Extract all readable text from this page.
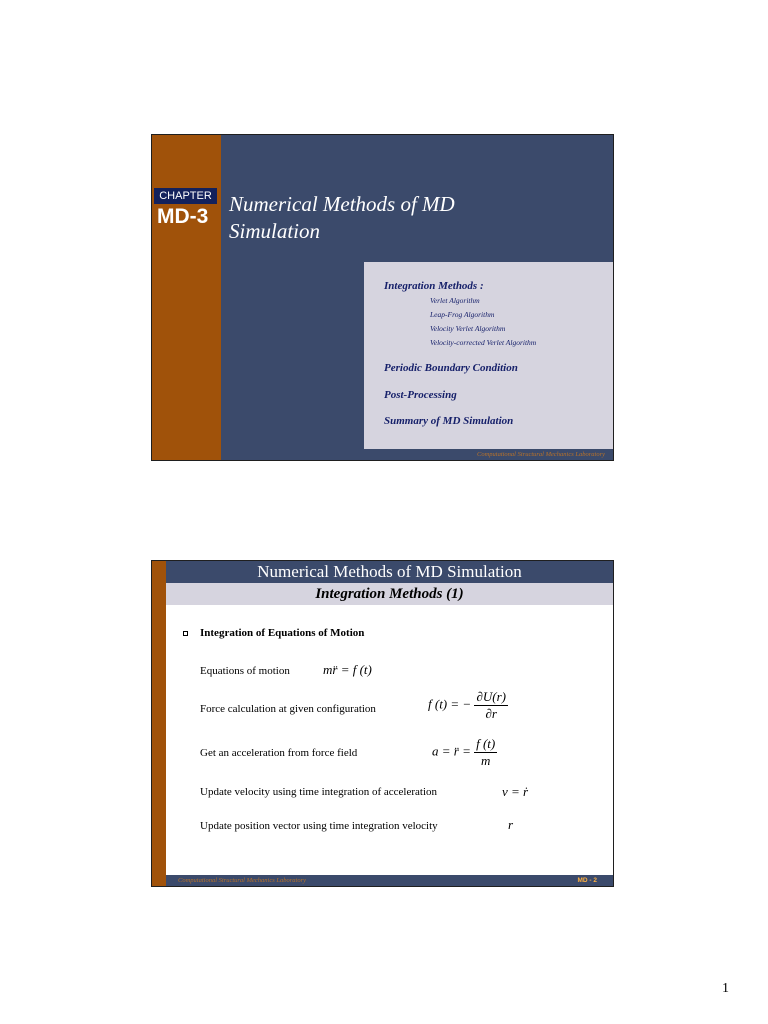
CHAPTER
MD-3
Numerical Methods of MD Simulation
Integration Methods :
Verlet Algorithm
Leap-Frog Algorithm
Velocity Verlet Algorithm
Velocity-corrected Verlet Algorithm
Periodic Boundary Condition
Post-Processing
Summary of MD Simulation
Computational Structural Mechanics Laboratory
Numerical Methods of MD Simulation
Integration Methods (1)
Integration of Equations of Motion
Equations of motion	mr̈ = f (t)
Force calculation at given configuration	f (t) = − $\frac{\partial U(r)}{\partial r}$
Get an acceleration from force field	a = r̈ = $\frac{f (t)}{m}$
Update velocity using time integration of acceleration	v = ṙ
Update position vector using time integration velocity	r
Computational Structural Mechanics Laboratory	MD - 2
1
